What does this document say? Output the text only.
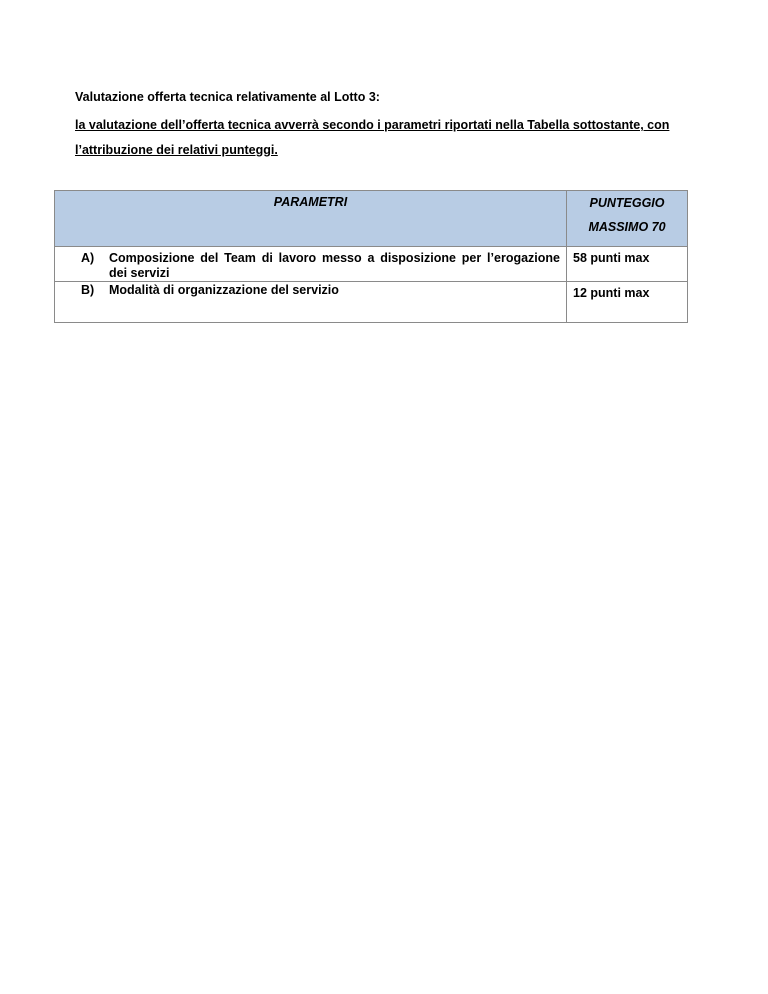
Valutazione offerta tecnica relativamente al Lotto 3:

la valutazione dell’offerta tecnica avverrà secondo i parametri riportati nella Tabella sottostante, con l’attribuzione dei relativi punteggi.

PARAMETRI	PUNTEGGIO
MASSIMO 70

A) Composizione del Team di lavoro messo a disposizione per l’erogazione dei servizi	58 punti max

B) Modalità di organizzazione del servizio	12 punti max
